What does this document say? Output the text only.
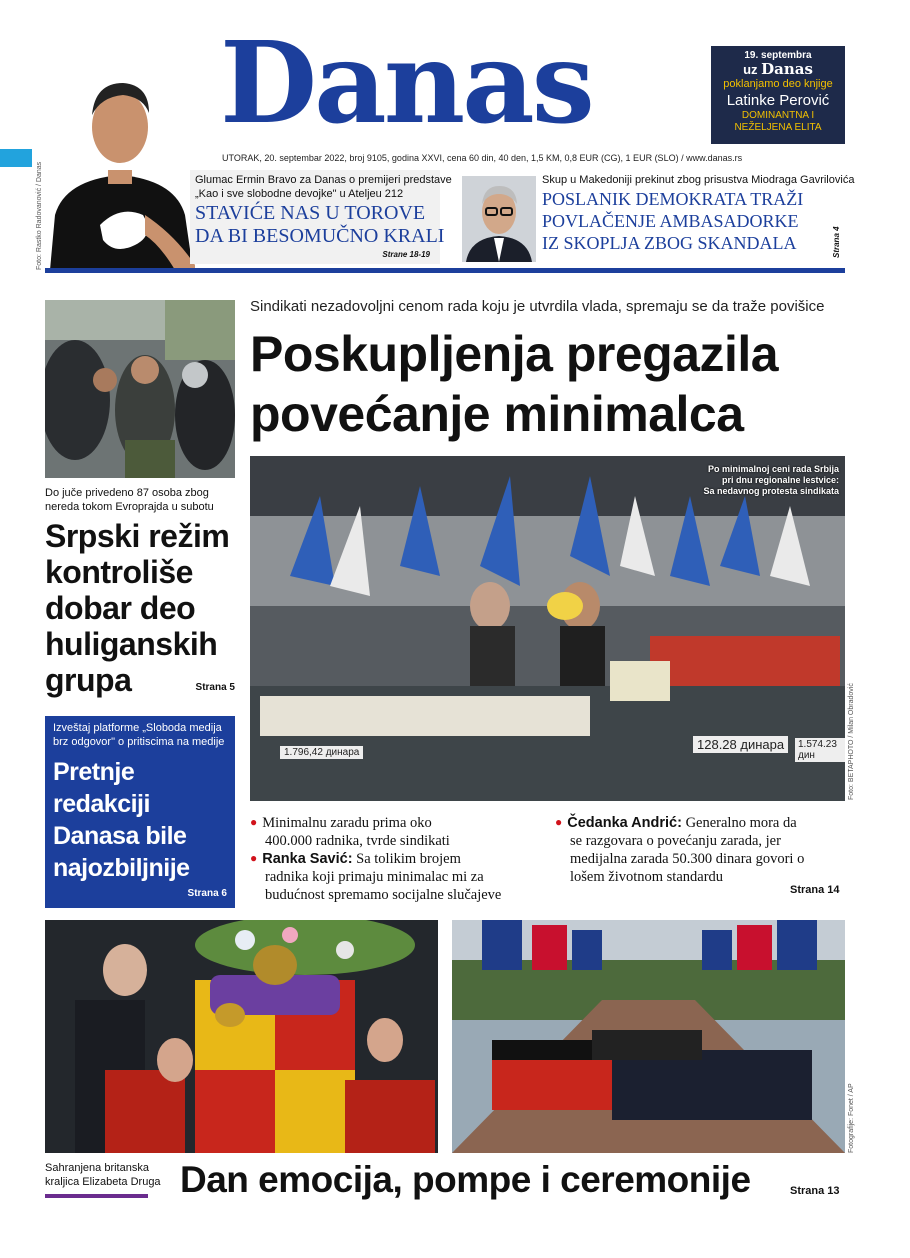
Foto: Rastko Radovanović / Danas
Danas	19. septembra
uz Danas
poklanjamo deo knjige
Latinke Perović
DOMINANTNA I
NEŽELJENA ELITA
UTORAK, 20. septembar 2022, broj 9105, godina XXVI, cena 60 din, 40 den, 1,5 KM, 0,8 EUR (CG), 1 EUR (SLO) / www.danas.rs
Glumac Ermin Bravo za Danas o premijeri predstave
„Kao i sve slobodne devojke" u Atelјeu 212
STAVIĆE NAS U TOROVE
DA BI BESOMUČNO KRALI
Strane 18-19
Skup u Makedoniji prekinut zbog prisustva Miodraga Gavrilovića
POSLANIK DEMOKRATA TRAŽI
POVLAČENJE AMBASADORKE
IZ SKOPLJA ZBOG SKANDALA	Strana 4
Do juče privedeno 87 osoba zbog
nereda tokom Evroprajda u subotu
Srpski režim
kontroliše
dobar deo
huliganskih
grupa	Strana 5
Izveštaj platforme „Sloboda medija
brz odgovor" o pritiscima na medije
Pretnje
redakciji
Danasa bile
najozbiljnije
Strana 6
Sindikati nezadovoljni cenom rada koju je utvrdila vlada, spremaju se da traže povišice
Poskupljenja pregazila
povećanje minimalca
1.796,42 динара
128.28 динара	1.574.23 дин
Po minimalnoj ceni rada Srbija
pri dnu regionalne lestvice:
Sa nedavnog protesta sindikata
Foto: BETAPHOTO / Milan Obradović
● Minimalnu zaradu prima oko
400.000 radnika, tvrde sindikati
● Ranka Savić: Sa tolikim brojem
radnika koji primaju minimalac mi za
budućnost spremamo socijalne slučajeve
● Čedanka Andrić: Generalno mora da
se razgovara o povećanju zarada, jer
medijalna zarada 50.300 dinara govori o
lošem životnom standardu
Strana 14
Fotografije: Fonet / AP
Sahranjena britanska
kraljica Elizabeta Druga Dan emocija, pompe i ceremonije	Strana 13
